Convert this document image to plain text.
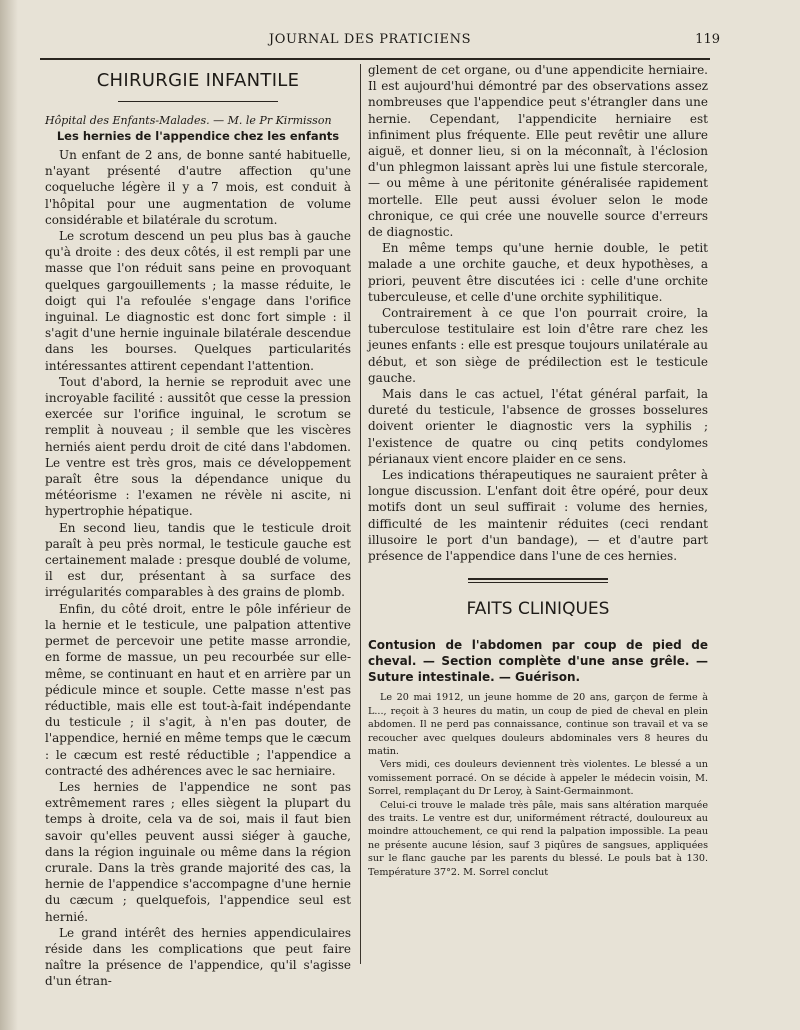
JOURNAL DES PRATICIENS	119
CHIRURGIE INFANTILE
Hôpital des Enfants-Malades. — M. le Pr Kirmisson
Les hernies de l'appendice chez les enfants

Un enfant de 2 ans, de bonne santé habituelle, n'ayant présenté d'autre affection qu'une coqueluche légère il y a 7 mois, est conduit à l'hôpital pour une augmentation de volume considérable et bilatérale du scrotum.

Le scrotum descend un peu plus bas à gauche qu'à droite : des deux côtés, il est rempli par une masse que l'on réduit sans peine en provoquant quelques gargouillements ; la masse réduite, le doigt qui l'a refoulée s'engage dans l'orifice inguinal. Le diagnostic est donc fort simple : il s'agit d'une hernie inguinale bilatérale descendue dans les bourses. Quelques particularités intéressantes attirent cependant l'attention.

Tout d'abord, la hernie se reproduit avec une incroyable facilité : aussitôt que cesse la pression exercée sur l'orifice inguinal, le scrotum se remplit à nouveau ; il semble que les viscères herniés aient perdu droit de cité dans l'abdomen. Le ventre est très gros, mais ce développement paraît être sous la dépendance unique du météorisme : l'examen ne révèle ni ascite, ni hypertrophie hépatique.

En second lieu, tandis que le testicule droit paraît à peu près normal, le testicule gauche est certainement malade : presque doublé de volume, il est dur, présentant à sa surface des irrégularités comparables à des grains de plomb.

Enfin, du côté droit, entre le pôle inférieur de la hernie et le testicule, une palpation attentive permet de percevoir une petite masse arrondie, en forme de massue, un peu recourbée sur elle-même, se continuant en haut et en arrière par un pédicule mince et souple. Cette masse n'est pas réductible, mais elle est tout-à-fait indépendante du testicule ; il s'agit, à n'en pas douter, de l'appendice, hernié en même temps que le cæcum : le cæcum est resté réductible ; l'appendice a contracté des adhérences avec le sac herniaire.

Les hernies de l'appendice ne sont pas extrêmement rares ; elles siègent la plupart du temps à droite, cela va de soi, mais il faut bien savoir qu'elles peuvent aussi siéger à gauche, dans la région inguinale ou même dans la région crurale. Dans la très grande majorité des cas, la hernie de l'appendice s'accompagne d'une hernie du cæcum ; quelquefois, l'appendice seul est hernié.

Le grand intérêt des hernies appendiculaires réside dans les complications que peut faire naître la présence de l'appendice, qu'il s'agisse d'un étran-

glement de cet organe, ou d'une appendicite herniaire. Il est aujourd'hui démontré par des observations assez nombreuses que l'appendice peut s'étrangler dans une hernie. Cependant, l'appendicite herniaire est infiniment plus fréquente. Elle peut revêtir une allure aiguë, et donner lieu, si on la méconnaît, à l'éclosion d'un phlegmon laissant après lui une fistule stercorale, — ou même à une péritonite généralisée rapidement mortelle. Elle peut aussi évoluer selon le mode chronique, ce qui crée une nouvelle source d'erreurs de diagnostic.

En même temps qu'une hernie double, le petit malade a une orchite gauche, et deux hypothèses, a priori, peuvent être discutées ici : celle d'une orchite tuberculeuse, et celle d'une orchite syphilitique.

Contrairement à ce que l'on pourrait croire, la tuberculose testitulaire est loin d'être rare chez les jeunes enfants : elle est presque toujours unilatérale au début, et son siège de prédilection est le testicule gauche.

Mais dans le cas actuel, l'état général parfait, la dureté du testicule, l'absence de grosses bosselures doivent orienter le diagnostic vers la syphilis ; l'existence de quatre ou cinq petits condylomes périanaux vient encore plaider en ce sens.

Les indications thérapeutiques ne sauraient prêter à longue discussion. L'enfant doit être opéré, pour deux motifs dont un seul suffirait : volume des hernies, difficulté de les maintenir réduites (ceci rendant illusoire le port d'un bandage), — et d'autre part présence de l'appendice dans l'une de ces hernies.

FAITS CLINIQUES
Contusion de l'abdomen par coup de pied de cheval. — Section complète d'une anse grêle. — Suture intestinale. — Guérison.

Le 20 mai 1912, un jeune homme de 20 ans, garçon de ferme à L..., reçoit à 3 heures du matin, un coup de pied de cheval en plein abdomen. Il ne perd pas connaissance, continue son travail et va se recoucher avec quelques douleurs abdominales vers 8 heures du matin.

Vers midi, ces douleurs deviennent très violentes. Le blessé a un vomissement porracé. On se décide à appeler le médecin voisin, M. Sorrel, remplaçant du Dr Leroy, à Saint-Germainmont.

Celui-ci trouve le malade très pâle, mais sans altération marquée des traits. Le ventre est dur, uniformément rétracté, douloureux au moindre attouchement, ce qui rend la palpation impossible. La peau ne présente aucune lésion, sauf 3 piqûres de sangsues, appliquées sur le flanc gauche par les parents du blessé. Le pouls bat à 130. Température 37°2. M. Sorrel conclut
